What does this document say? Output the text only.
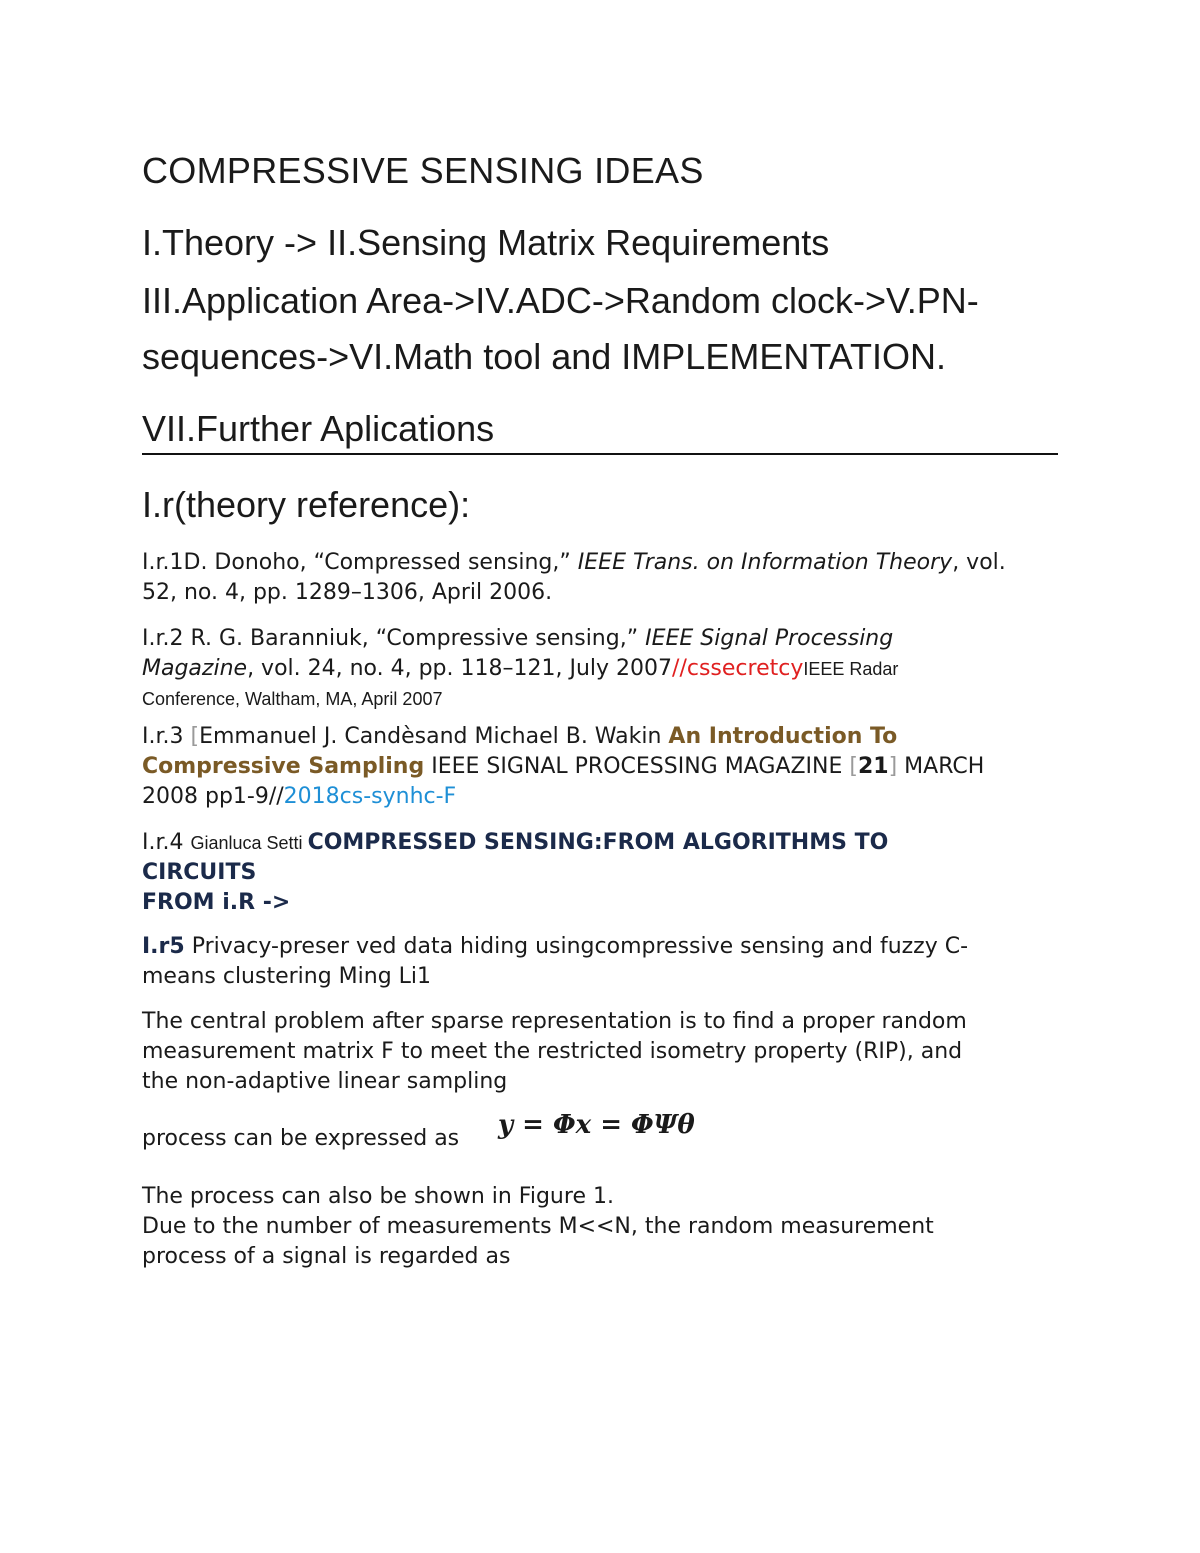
COMPRESSIVE SENSING IDEAS
I.Theory -> II.Sensing Matrix Requirements
III.Application Area->IV.ADC->Random clock->V.PN-
sequences->VI.Math tool and IMPLEMENTATION.
VII.Further Aplications
I.r(theory reference):
I.r.1D. Donoho, “Compressed sensing,” IEEE Trans. on Information Theory, vol.
52, no. 4, pp. 1289–1306, April 2006.
I.r.2 R. G. Baranniuk, “Compressive sensing,” IEEE Signal Processing
Magazine, vol. 24, no. 4, pp. 118–121, July 2007//cssecretcyIEEE Radar
Conference, Waltham, MA, April 2007
I.r.3 [Emmanuel J. Candèsand Michael B. Wakin An Introduction To
Compressive Sampling IEEE SIGNAL PROCESSING MAGAZINE [21] MARCH
2008 pp1-9//2018cs-synhc-F
I.r.4 Gianluca Setti COMPRESSED SENSING:FROM ALGORITHMS TO
CIRCUITS
FROM i.R ->
I.r5 Privacy-preser ved data hiding usingcompressive sensing and fuzzy C-
means clustering Ming Li1
The central problem after sparse representation is to find a proper random
measurement matrix F to meet the restricted isometry property (RIP), and
the non-adaptive linear sampling
process can be expressed as	y = Φx = ΦΨθ
The process can also be shown in Figure 1.
Due to the number of measurements M<<N, the random measurement
process of a signal is regarded as
